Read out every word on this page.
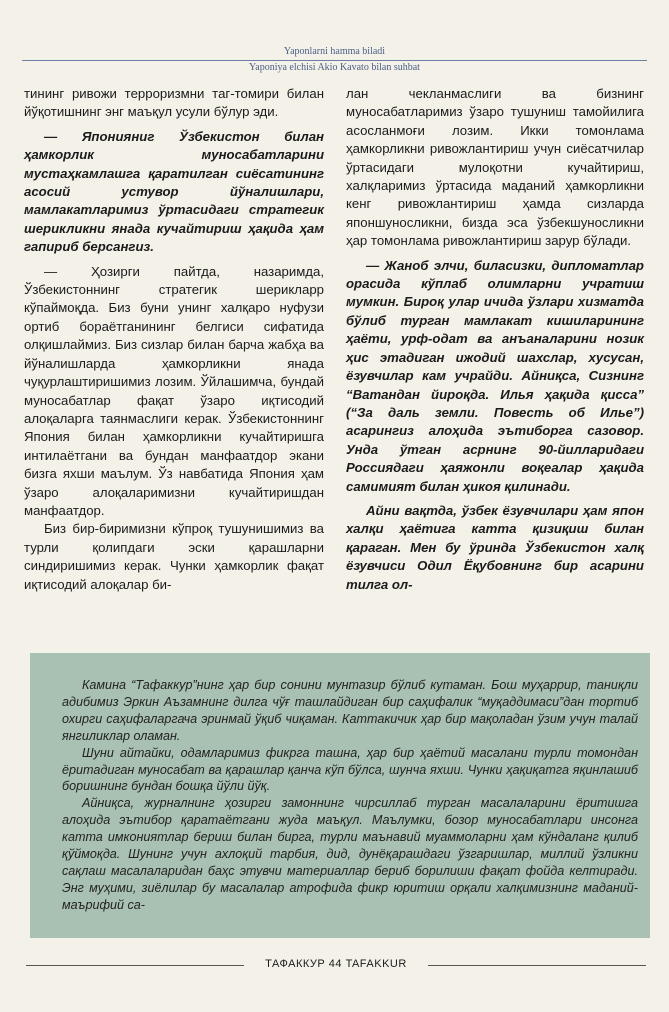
Yaponlarni hamma biladi
Yaponiya elchisi Akio Kavato bilan suhbat

тининг ривожи терроризмни таг-томири билан йўқотишнинг энг маъқул усули бўлур эди.

— Японияниг Ўзбекистон билан ҳамкорлик муносабатларини мустаҳкамлашга қаратилган сиёсатининг асосий устувор йўналишлари, мамлакатларимиз ўртасидаги стратегик шерикликни янада кучайтириш ҳақида ҳам гапириб берсангиз.

— Ҳозирги пайтда, назаримда, Ўзбекистоннинг стратегик шерикларр кўпаймоқда. Биз буни унинг халқаро нуфузи ортиб бораётганининг белгиси сифатида олқишлаймиз. Биз сизлар билан барча жабҳа ва йўналишларда ҳамкорликни янада чуқурлаштиришимиз лозим. Ўйлашимча, бундай муносабатлар фақат ўзаро иқтисодий алоқаларга таянмаслиги керак. Ўзбекистоннинг Япония билан ҳамкорликни кучайтиришга интилаётгани ва бундан манфаатдор экани бизга яхши маълум. Ўз навбатида Япония ҳам ўзаро алоқаларимизни кучайтиришдан манфаатдор.

Биз бир-биримизни кўпроқ тушунишимиз ва турли қолипдаги эски қарашларни синдиришимиз керак. Чунки ҳамкорлик фақат иқтисодий алоқалар би-

лан чекланмаслиги ва бизнинг муносабатларимиз ўзаро тушуниш тамойилига асосланмоғи лозим. Икки томонлама ҳамкорликни ривожлантириш учун сиёсатчилар ўртасидаги мулоқотни кучайтириш, халқларимиз ўртасида маданий ҳамкорликни кенг ривожлантириш ҳамда сизларда японшуносликни, бизда эса ўзбекшуносликни ҳар томонлама ривожлантириш зарур бўлади.

— Жаноб элчи, биласизки, дипломатлар орасида кўплаб олимларни учратиш мумкин. Бироқ улар ичида ўзлари хизматда бўлиб турган мамлакат кишиларининг ҳаёти, урф-одат ва анъаналарини нозик ҳис этадиган ижодий шахслар, хусусан, ёзувчилар кам учрайди. Айниқса, Сизнинг “Ватандан йироқда. Илья ҳақида қисса” (“За даль земли. Повесть об Илье”) асарингиз алоҳида эътиборга сазовор. Унда ўтган асрнинг 90-йилларидаги Россиядаги ҳаяжонли воқеалар ҳақида самимият билан ҳикоя қилинади.

Айни вақтда, ўзбек ёзувчилари ҳам япон халқи ҳаётига катта қизиқиш билан қараган. Мен бу ўринда Ўзбекистон халқ ёзувчиси Одил Ёқубовнинг бир асарини тилга ол-

Камина “Тафаккур”нинг ҳар бир сонини мунтазир бўлиб кутаман. Бош муҳаррир, таниқли адибимиз Эркин Аъзамнинг дилга чўғ ташлайдиган бир саҳифалик “муқаддимаси”дан тортиб охирги саҳифаларгача эринмай ўқиб чиқаман. Каттакичик ҳар бир мақоладан ўзим учун талай янгиликлар оламан.

Шуни айтайки, одамларимиз фикрга ташна, ҳар бир ҳаётий масалани турли томондан ёритадиган муносабат ва қарашлар қанча кўп бўлса, шунча яхши. Чунки ҳақиқатга яқинлашиб боришнинг бундан бошқа йўли йўқ.

Айниқса, журналнинг ҳозирги замоннинг чирсиллаб турган масалаларини ёритишга алоҳида эътибор қаратаётгани жуда маъқул. Маълумки, бозор муносабатлари инсонга катта имкониятлар бериш билан бирга, турли маънавий муаммоларни ҳам кўндаланг қилиб қўймоқда. Шунинг учун ахлоқий тарбия, дид, дунёқарашдаги ўзгаришлар, миллий ўзликни сақлаш масалаларидан баҳс этувчи материаллар бериб борилиши фақат фойда келтиради. Энг муҳими, зиёлилар бу масалалар атрофида фикр юритиш орқали халқимизнинг маданий-маърифий са-

ТАФАККУР 44 TAFAKKUR
